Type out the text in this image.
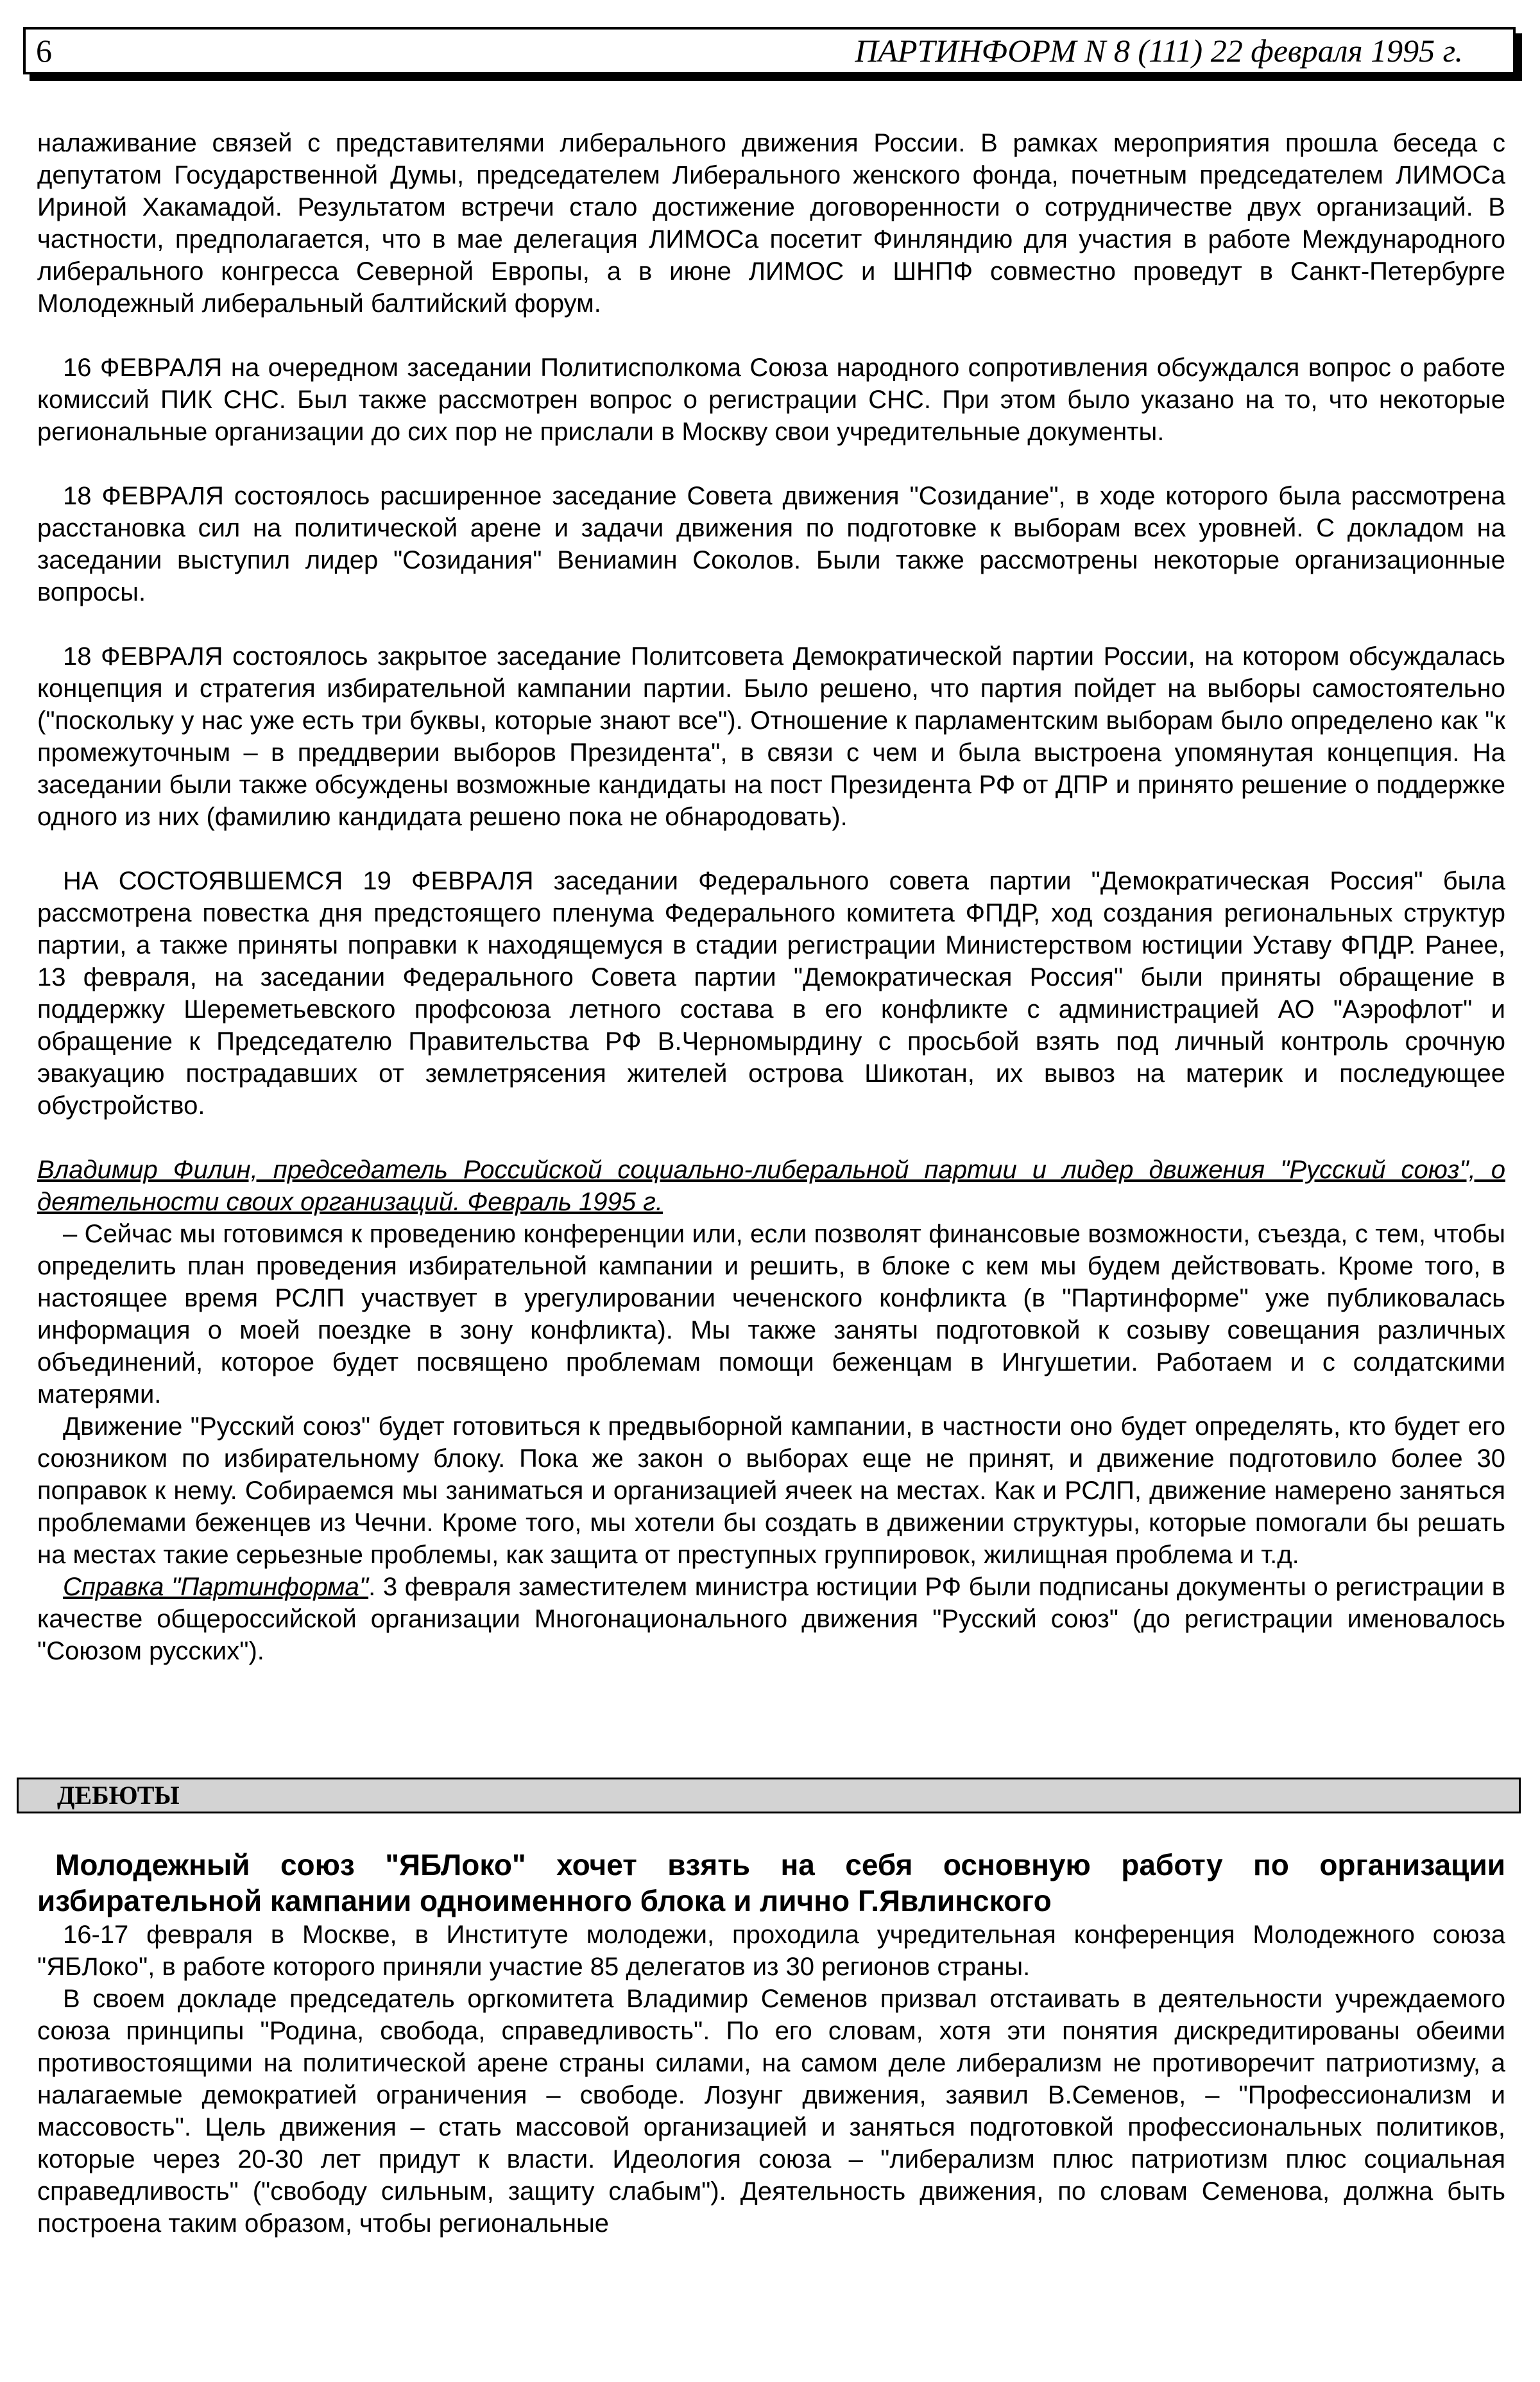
6	ПАРТИНФОРМ N 8 (111) 22 февраля 1995 г.

налаживание связей с представителями либерального движения России. В рамках мероприятия прошла беседа с депутатом Государственной Думы, председателем Либерального женского фонда, почетным председателем ЛИМОСа Ириной Хакамадой. Результатом встречи стало достижение договоренности о сотрудничестве двух организаций. В частности, предполагается, что в мае делегация ЛИМОСа посетит Финляндию для участия в работе Международного либерального конгресса Северной Европы, а в июне ЛИМОС и ШНПФ совместно проведут в Санкт-Петербурге Молодежный либеральный балтийский форум.

16 ФЕВРАЛЯ на очередном заседании Политисполкома Союза народного сопротивления обсуждался вопрос о работе комиссий ПИК СНС. Был также рассмотрен вопрос о регистрации СНС. При этом было указано на то, что некоторые региональные организации до сих пор не прислали в Москву свои учредительные документы.

18 ФЕВРАЛЯ состоялось расширенное заседание Совета движения "Созидание", в ходе которого была рассмотрена расстановка сил на политической арене и задачи движения по подготовке к выборам всех уровней. С докладом на заседании выступил лидер "Созидания" Вениамин Соколов. Были также рассмотрены некоторые организационные вопросы.

18 ФЕВРАЛЯ состоялось закрытое заседание Политсовета Демократической партии России, на котором обсуждалась концепция и стратегия избирательной кампании партии. Было решено, что партия пойдет на выборы самостоятельно ("поскольку у нас уже есть три буквы, которые знают все"). Отношение к парламентским выборам было определено как "к промежуточным – в преддверии выборов Президента", в связи с чем и была выстроена упомянутая концепция. На заседании были также обсуждены возможные кандидаты на пост Президента РФ от ДПР и принято решение о поддержке одного из них (фамилию кандидата решено пока не обнародовать).

НА СОСТОЯВШЕМСЯ 19 ФЕВРАЛЯ заседании Федерального совета партии "Демократическая Россия" была рассмотрена повестка дня предстоящего пленума Федерального комитета ФПДР, ход создания региональных структур партии, а также приняты поправки к находящемуся в стадии регистрации Министерством юстиции Уставу ФПДР. Ранее, 13 февраля, на заседании Федерального Совета партии "Демократическая Россия" были приняты обращение в поддержку Шереметьевского профсоюза летного состава в его конфликте с администрацией АО "Аэрофлот" и обращение к Председателю Правительства РФ В.Черномырдину с просьбой взять под личный контроль срочную эвакуацию пострадавших от землетрясения жителей острова Шикотан, их вывоз на материк и последующее обустройство.

Владимир Филин, председатель Российской социально-либеральной партии и лидер движения "Русский союз", о деятельности своих организаций. Февраль 1995 г.

– Сейчас мы готовимся к проведению конференции или, если позволят финансовые возможности, съезда, с тем, чтобы определить план проведения избирательной кампании и решить, в блоке с кем мы будем действовать. Кроме того, в настоящее время РСЛП участвует в урегулировании чеченского конфликта (в "Партинформе" уже публиковалась информация о моей поездке в зону конфликта). Мы также заняты подготовкой к созыву совещания различных объединений, которое будет посвящено проблемам помощи беженцам в Ингушетии. Работаем и с солдатскими матерями.

Движение "Русский союз" будет готовиться к предвыборной кампании, в частности оно будет определять, кто будет его союзником по избирательному блоку. Пока же закон о выборах еще не принят, и движение подготовило более 30 поправок к нему. Собираемся мы заниматься и организацией ячеек на местах. Как и РСЛП, движение намерено заняться проблемами беженцев из Чечни. Кроме того, мы хотели бы создать в движении структуры, которые помогали бы решать на местах такие серьезные проблемы, как защита от преступных группировок, жилищная проблема и т.д.

Справка "Партинформа". 3 февраля заместителем министра юстиции РФ были подписаны документы о регистрации в качестве общероссийской организации Многонационального движения "Русский союз" (до регистрации именовалось "Союзом русских").

ДЕБЮТЫ

Молодежный союз "ЯБЛоко" хочет взять на себя основную работу по организации избирательной кампании одноименного блока и лично Г.Явлинского

16-17 февраля в Москве, в Институте молодежи, проходила учредительная конференция Молодежного союза "ЯБЛоко", в работе которого приняли участие 85 делегатов из 30 регионов страны.

В своем докладе председатель оргкомитета Владимир Семенов призвал отстаивать в деятельности учреждаемого союза принципы "Родина, свобода, справедливость". По его словам, хотя эти понятия дискредитированы обеими противостоящими на политической арене страны силами, на самом деле либерализм не противоречит патриотизму, а налагаемые демократией ограничения – свободе. Лозунг движения, заявил В.Семенов, – "Профессионализм и массовость". Цель движения – стать массовой организацией и заняться подготовкой профессиональных политиков, которые через 20-30 лет придут к власти. Идеология союза – "либерализм плюс патриотизм плюс социальная справедливость" ("свободу сильным, защиту слабым"). Деятельность движения, по словам Семенова, должна быть построена таким образом, чтобы региональные
